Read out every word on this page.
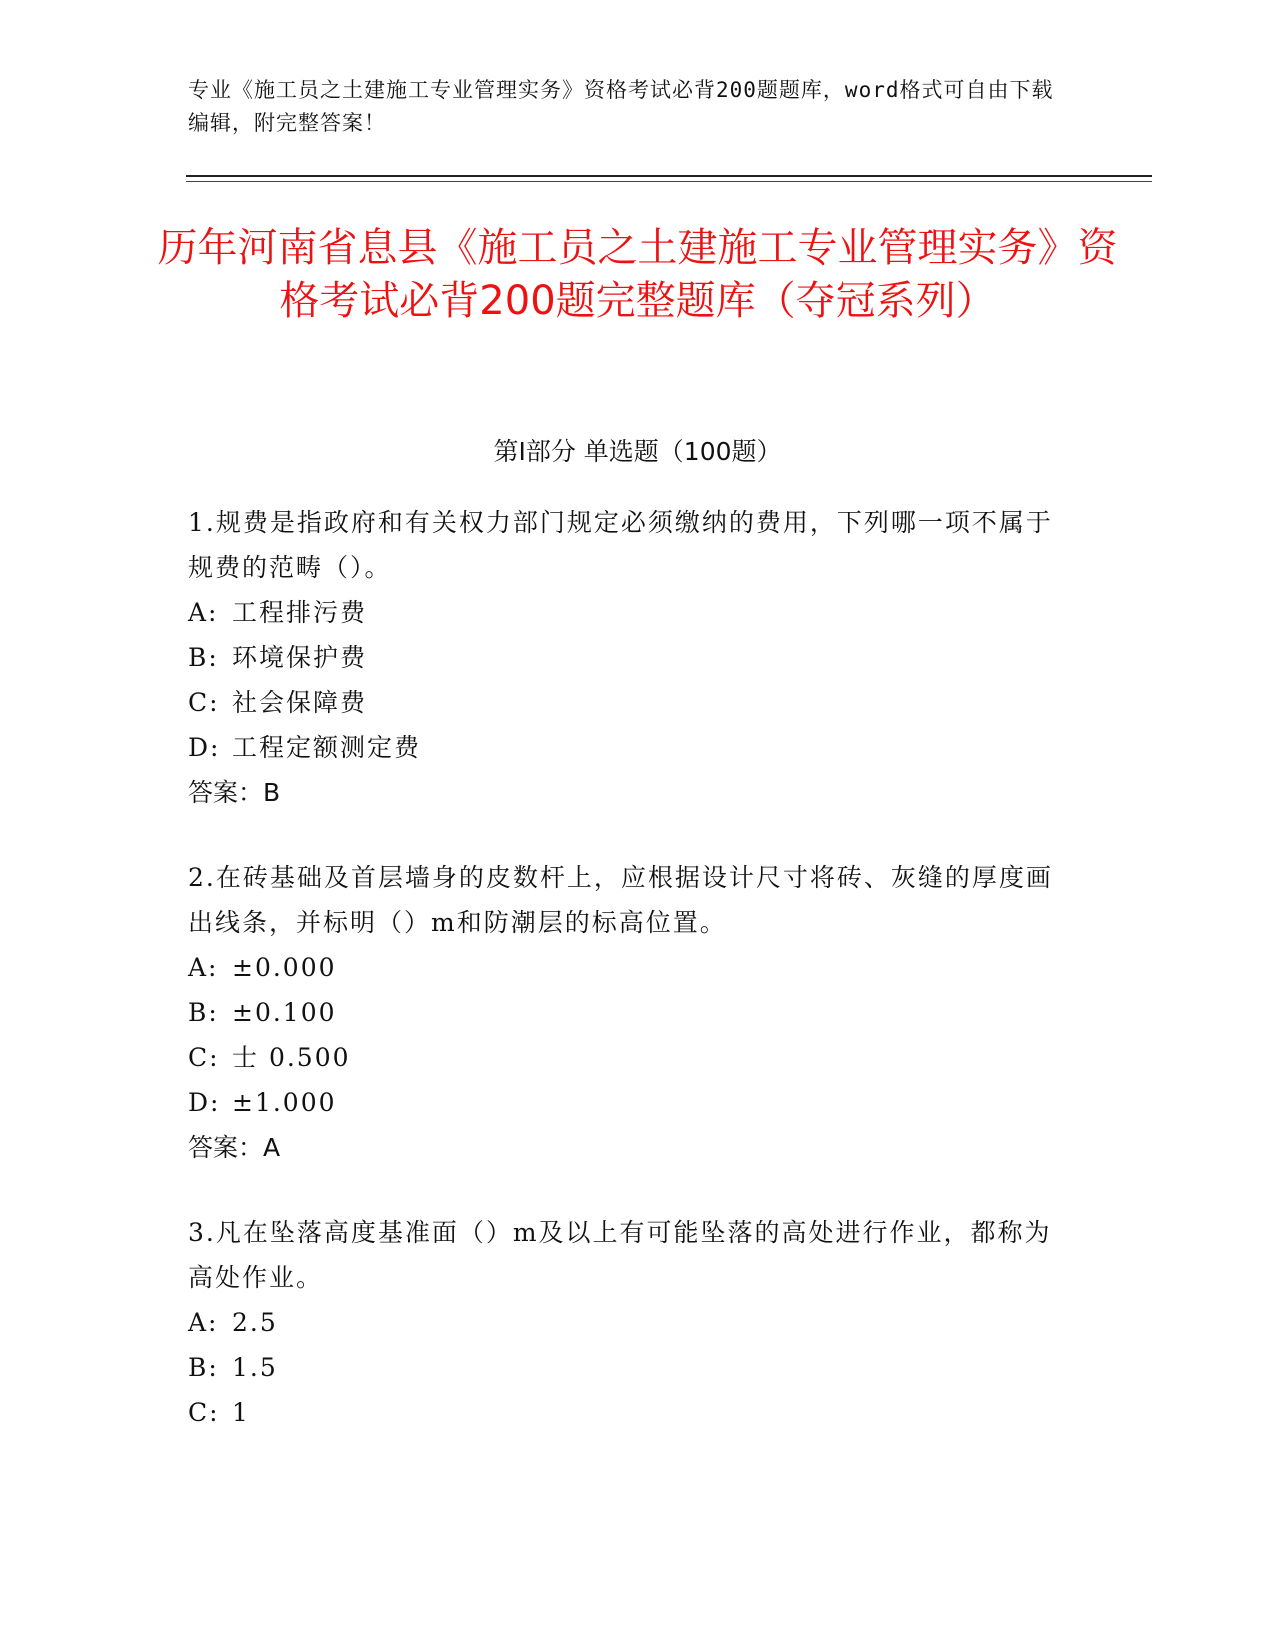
专业《施工员之土建施工专业管理实务》资格考试必背200题题库，word格式可自由下载编辑，附完整答案！
历年河南省息县《施工员之土建施工专业管理实务》资格考试必背200题完整题库（夺冠系列）
第Ⅰ部分 单选题（100题）

1.规费是指政府和有关权力部门规定必须缴纳的费用，下列哪一项不属于规费的范畴（）。

A: 工程排污费

B: 环境保护费

C: 社会保障费

D: 工程定额测定费

答案：B

2.在砖基础及首层墙身的皮数杆上，应根据设计尺寸将砖、灰缝的厚度画出线条，并标明（）m和防潮层的标高位置。

A: ±0.000

B: ±0.100

C: 士 0.500

D: ±1.000

答案：A

3.凡在坠落高度基准面（）m及以上有可能坠落的高处进行作业，都称为高处作业。

A: 2.5

B: 1.5

C: 1
